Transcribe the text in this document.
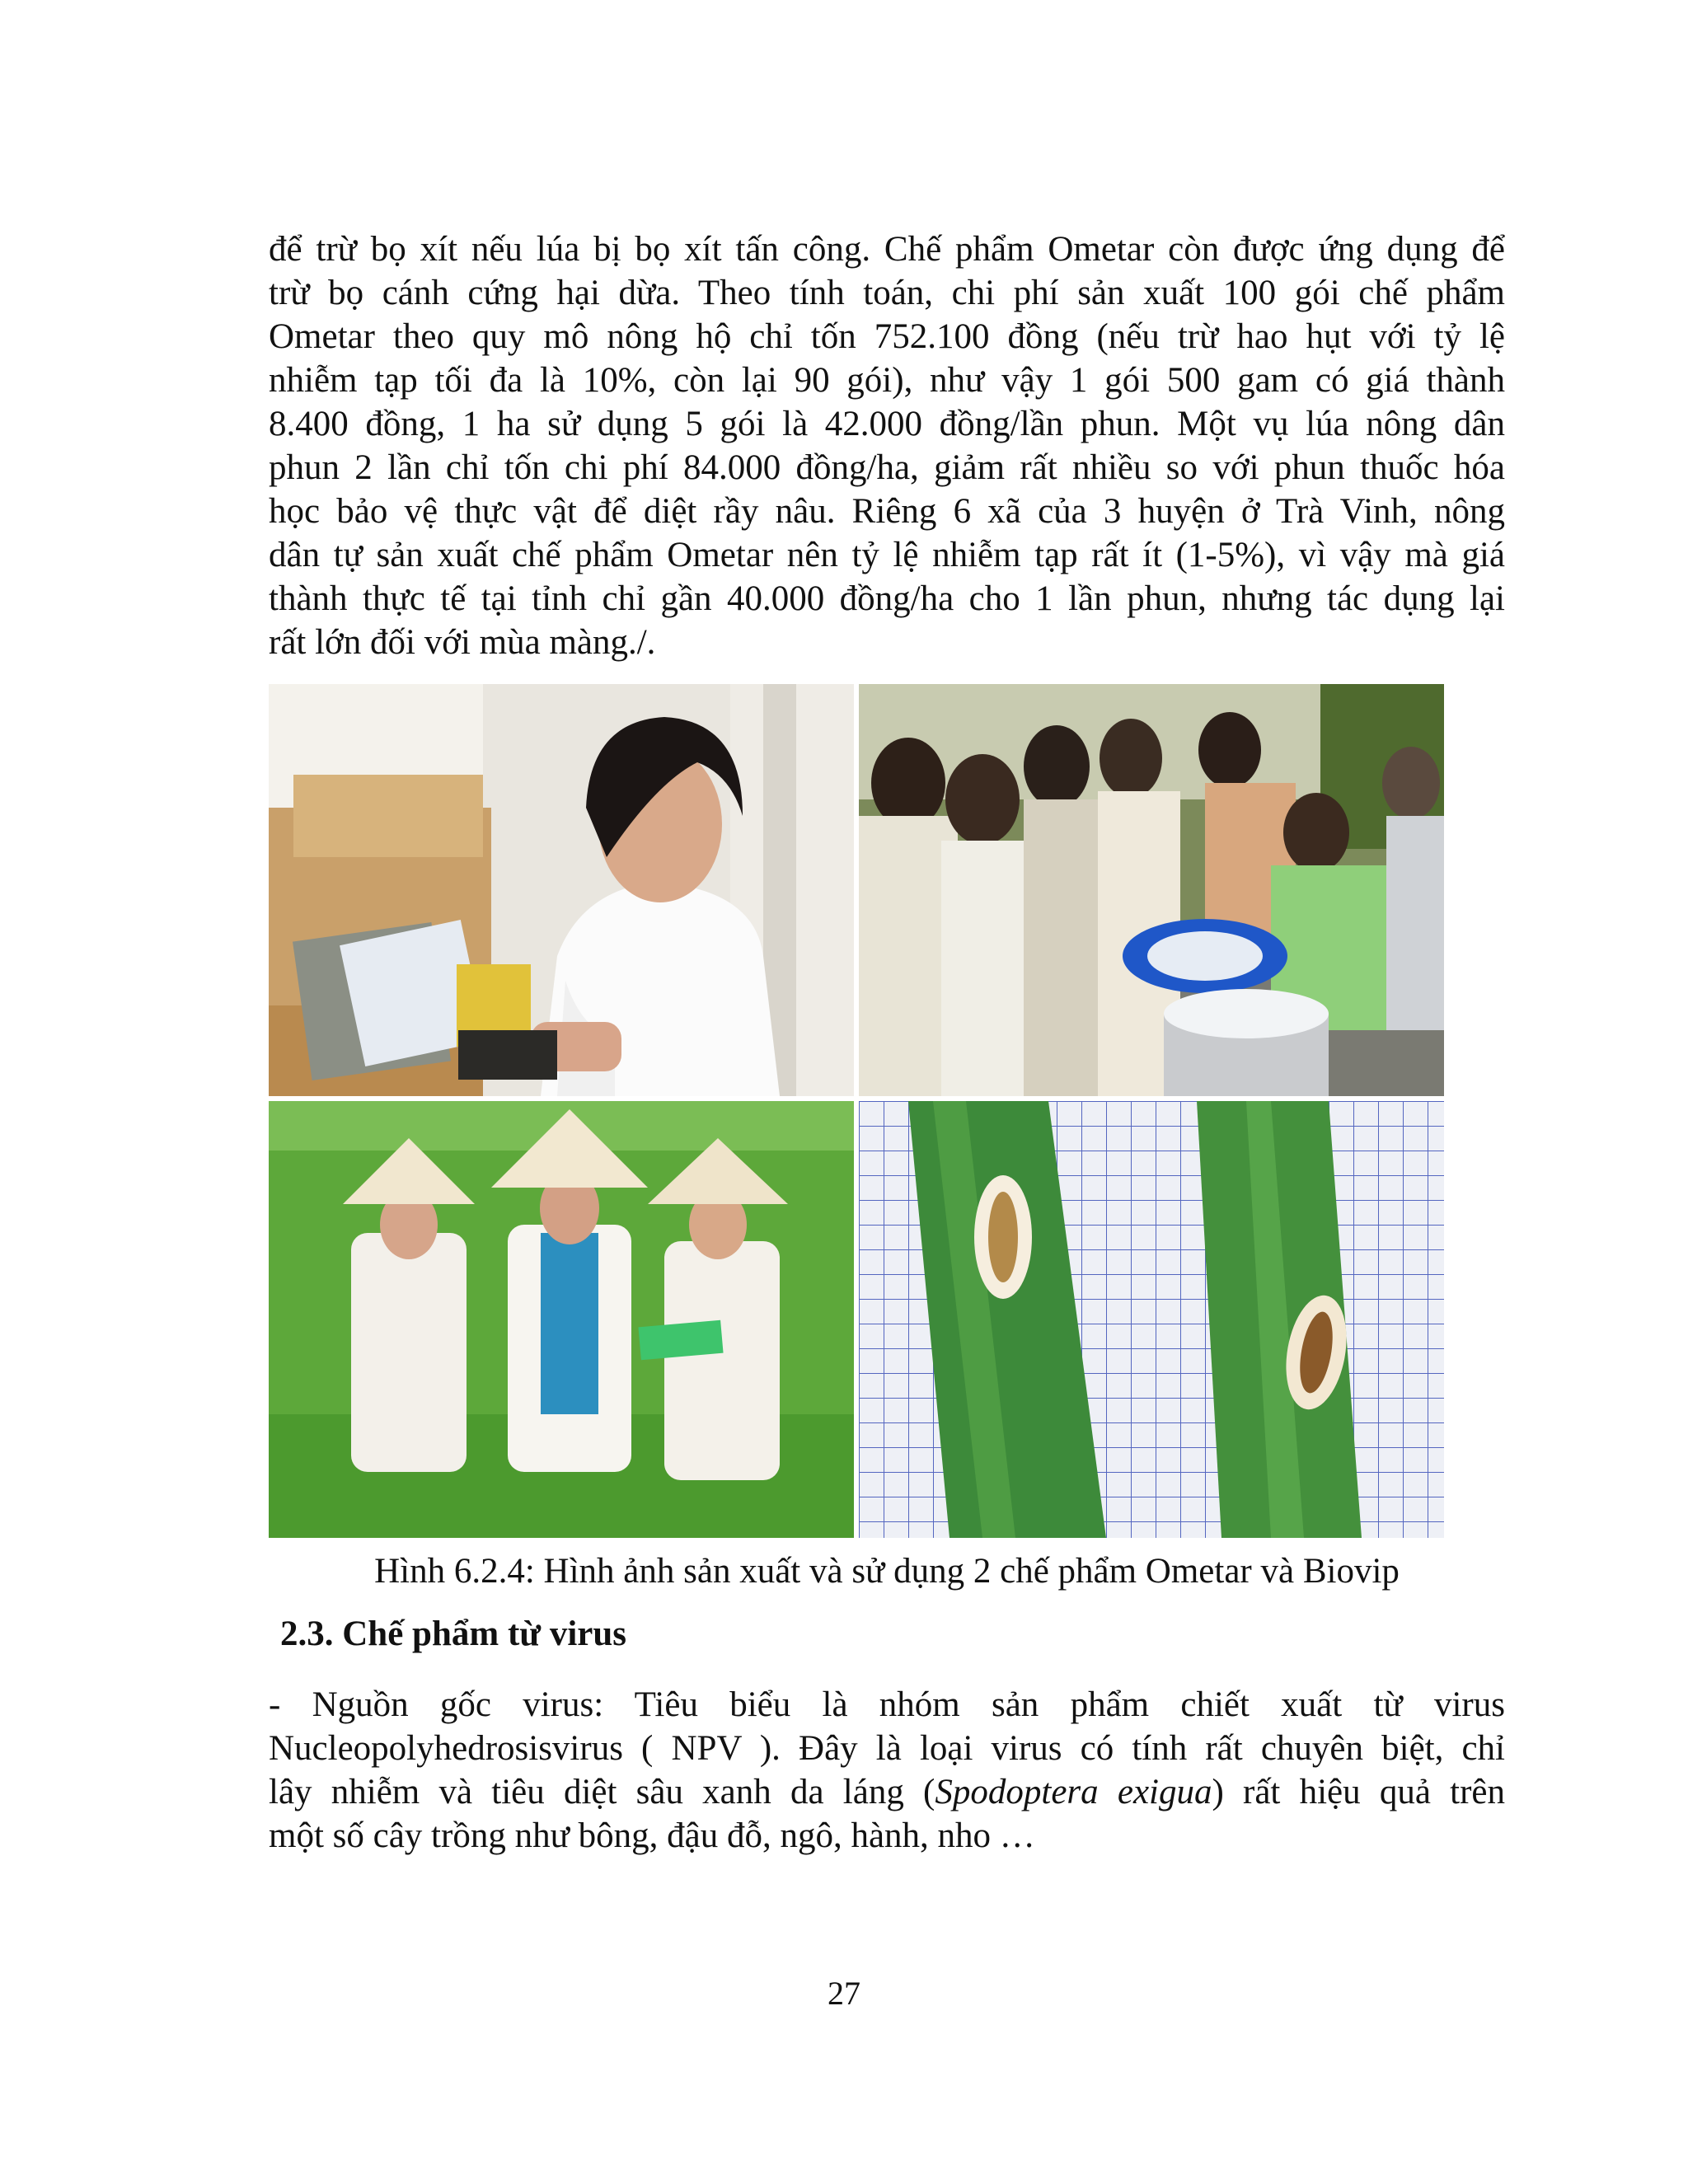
để trừ bọ xít nếu lúa bị bọ xít tấn công. Chế phẩm Ometar còn được ứng dụng để
trừ bọ cánh cứng hại dừa. Theo tính toán, chi phí sản xuất 100 gói chế phẩm
Ometar theo quy mô nông hộ chỉ tốn 752.100 đồng (nếu trừ hao hụt với tỷ lệ
nhiễm tạp tối đa là 10%, còn lại 90 gói), như vậy 1 gói 500 gam có giá thành
8.400 đồng, 1 ha sử dụng 5 gói là 42.000 đồng/lần phun. Một vụ lúa nông dân
phun 2 lần chỉ tốn chi phí 84.000 đồng/ha, giảm rất nhiều so với phun thuốc hóa
học bảo vệ thực vật để diệt rầy nâu. Riêng 6 xã của 3 huyện ở Trà Vinh, nông
dân tự sản xuất chế phẩm Ometar nên tỷ lệ nhiễm tạp rất ít (1-5%), vì vậy mà giá
thành thực tế tại tỉnh chỉ gần 40.000 đồng/ha cho 1 lần phun, nhưng tác dụng lại
rất lớn đối với mùa màng./.

Hình 6.2.4: Hình ảnh sản xuất và sử dụng 2 chế phẩm Ometar và Biovip

2.3. Chế phẩm từ virus

- Nguồn gốc virus: Tiêu biểu là nhóm sản phẩm chiết xuất từ virus
Nucleopolyhedrosisvirus ( NPV ). Đây là loại virus có tính rất chuyên biệt, chỉ
lây nhiễm và tiêu diệt sâu xanh da láng (Spodoptera exigua) rất hiệu quả trên
một số cây trồng như bông, đậu đỗ, ngô, hành, nho …
27
